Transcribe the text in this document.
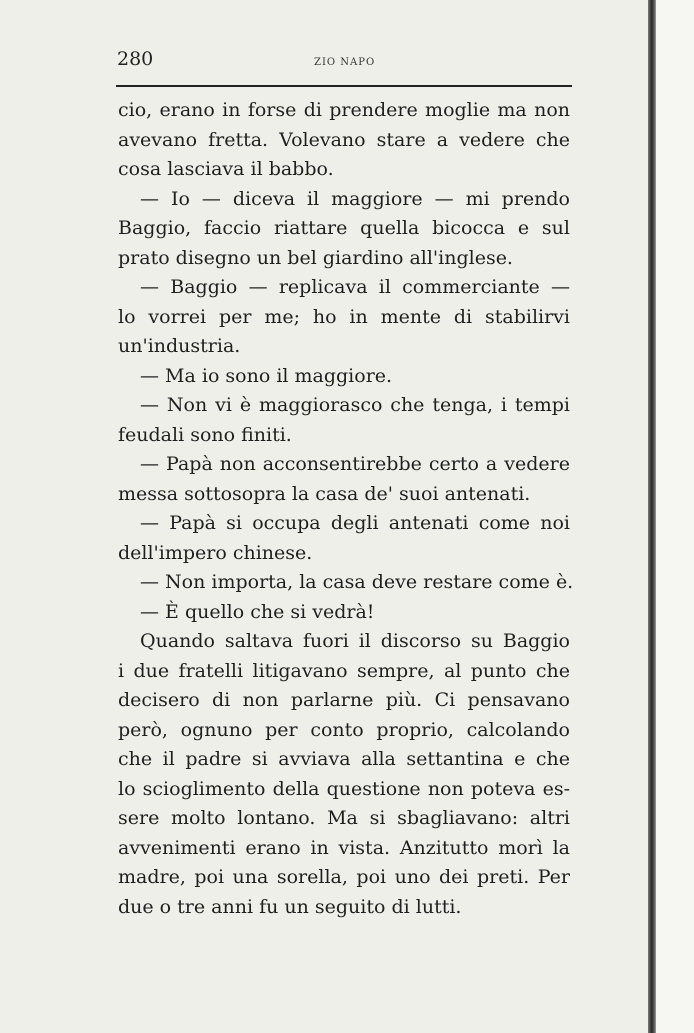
280	ZIO NAPO
cio, erano in forse di prendere moglie ma non
avevano fretta. Volevano stare a vedere che
cosa lasciava il babbo.
— Io — diceva il maggiore — mi prendo
Baggio, faccio riattare quella bicocca e sul
prato disegno un bel giardino all'inglese.
— Baggio — replicava il commerciante —
lo vorrei per me; ho in mente di stabilirvi
un'industria.
— Ma io sono il maggiore.
— Non vi è maggiorasco che tenga, i tempi
feudali sono finiti.
— Papà non acconsentirebbe certo a vedere
messa sottosopra la casa de' suoi antenati.
— Papà si occupa degli antenati come noi
dell'impero chinese.
— Non importa, la casa deve restare come è.
— È quello che si vedrà!
Quando saltava fuori il discorso su Baggio
i due fratelli litigavano sempre, al punto che
decisero di non parlarne più. Ci pensavano
però, ognuno per conto proprio, calcolando
che il padre si avviava alla settantina e che
lo scioglimento della questione non poteva es-
sere molto lontano. Ma si sbagliavano: altri
avvenimenti erano in vista. Anzitutto morì la
madre, poi una sorella, poi uno dei preti. Per
due o tre anni fu un seguito di lutti.
